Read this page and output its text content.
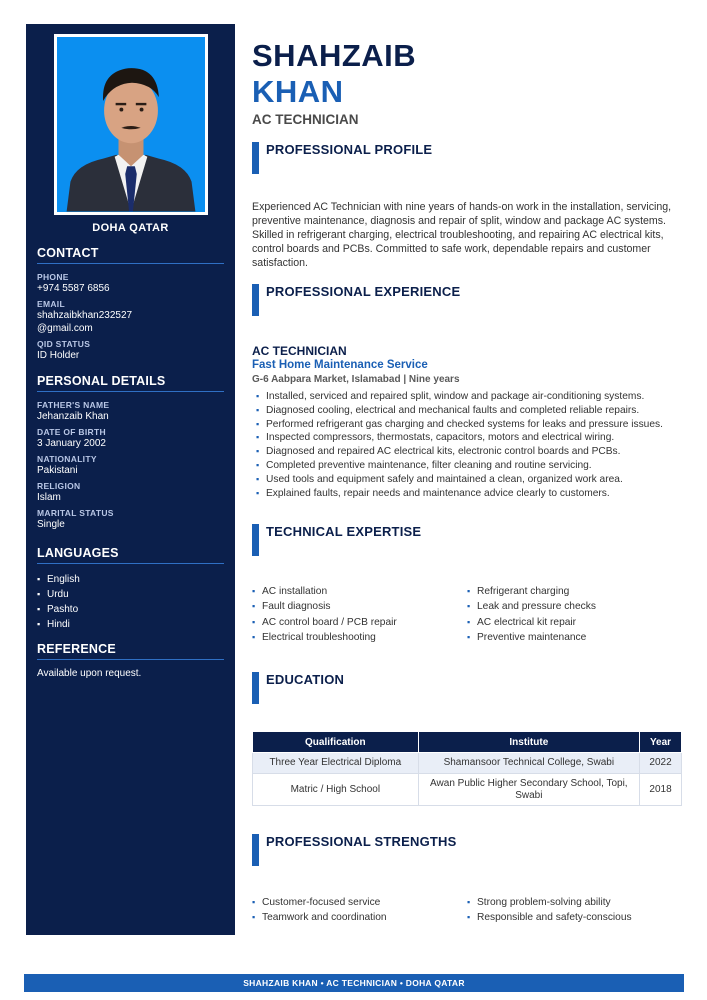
DOHA QATAR
CONTACT
PHONE
+974 5587 6856
EMAIL
shahzaibkhan232527
@gmail.com
QID STATUS
ID Holder
PERSONAL DETAILS
FATHER'S NAME
Jehanzaib Khan
DATE OF BIRTH
3 January 2002
NATIONALITY
Pakistani
RELIGION
Islam
MARITAL STATUS
Single
LANGUAGES
▪ English
▪ Urdu
▪ Pashto
▪ Hindi
REFERENCE
Available upon request.
SHAHZAIB
KHAN
AC TECHNICIAN
PROFESSIONAL PROFILE
Experienced AC Technician with nine years of hands-on work in the installation, servicing, preventive maintenance, diagnosis and repair of split, window and package AC systems. Skilled in refrigerant charging, electrical troubleshooting, and repairing AC electrical kits, control boards and PCBs. Committed to safe work, dependable repairs and customer satisfaction.
PROFESSIONAL EXPERIENCE
AC TECHNICIAN
Fast Home Maintenance Service
G-6 Aabpara Market, Islamabad | Nine years
▪ Installed, serviced and repaired split, window and package air-conditioning systems.
▪ Diagnosed cooling, electrical and mechanical faults and completed reliable repairs.
▪ Performed refrigerant gas charging and checked systems for leaks and pressure issues.
▪ Inspected compressors, thermostats, capacitors, motors and electrical wiring.
▪ Diagnosed and repaired AC electrical kits, electronic control boards and PCBs.
▪ Completed preventive maintenance, filter cleaning and routine servicing.
▪ Used tools and equipment safely and maintained a clean, organized work area.
▪ Explained faults, repair needs and maintenance advice clearly to customers.
TECHNICAL EXPERTISE
▪ AC installation
▪ Fault diagnosis
▪ AC control board / PCB repair
▪ Electrical troubleshooting
▪ Refrigerant charging
▪ Leak and pressure checks
▪ AC electrical kit repair
▪ Preventive maintenance
EDUCATION
Qualification	Institute	Year
Three Year Electrical Diploma	Shamansoor Technical College, Swabi	2022
Matric / High School	Awan Public Higher Secondary School, Topi, Swabi	2018
PROFESSIONAL STRENGTHS
▪ Customer-focused service
▪ Teamwork and coordination
▪ Strong problem-solving ability
▪ Responsible and safety-conscious
SHAHZAIB KHAN • AC TECHNICIAN • DOHA QATAR
